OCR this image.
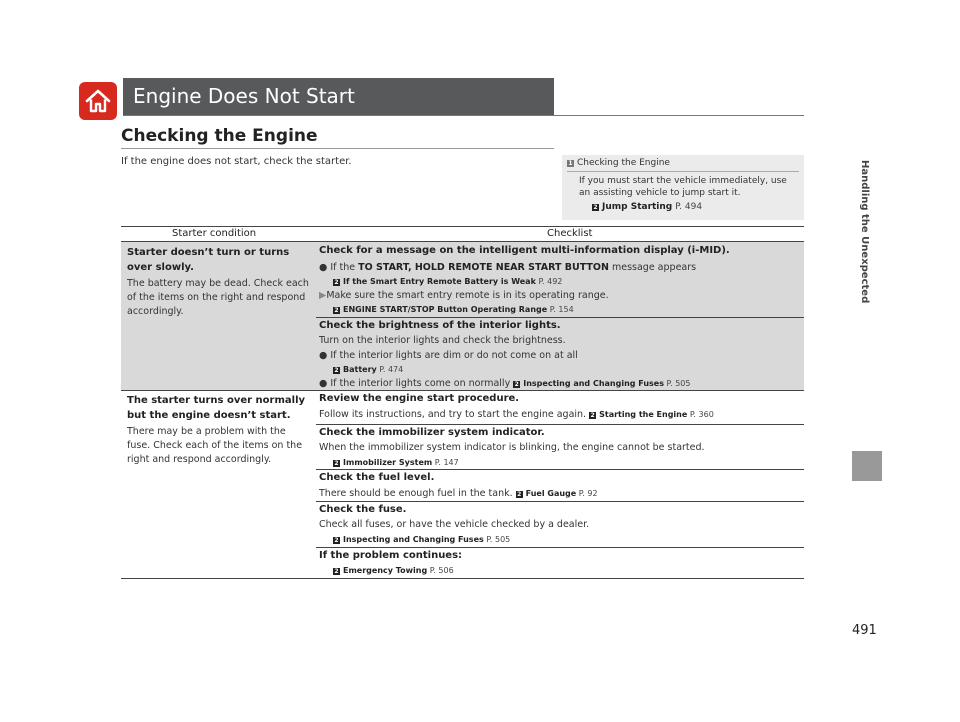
Engine Does Not Start
Checking the Engine
If the engine does not start, check the starter.	1 Checking the Engine
If you must start the vehicle immediately, use an assisting vehicle to jump start it.
2 Jump Starting P. 494
Starter condition	Checklist
Starter doesn’t turn or turns over slowly.
The battery may be dead. Check each of the items on the right and respond accordingly.
Check for a message on the intelligent multi-information display (i-MID).
● If the TO START, HOLD REMOTE NEAR START BUTTON message appears
2 If the Smart Entry Remote Battery is Weak P. 492
▶Make sure the smart entry remote is in its operating range.
2 ENGINE START/STOP Button Operating Range P. 154
Check the brightness of the interior lights.
Turn on the interior lights and check the brightness.
● If the interior lights are dim or do not come on at all
2 Battery P. 474
● If the interior lights come on normally 2 Inspecting and Changing Fuses P. 505
The starter turns over normally but the engine doesn’t start.
There may be a problem with the fuse. Check each of the items on the right and respond accordingly.
Review the engine start procedure.
Follow its instructions, and try to start the engine again. 2 Starting the Engine P. 360
Check the immobilizer system indicator.
When the immobilizer system indicator is blinking, the engine cannot be started.
2 Immobilizer System P. 147
Check the fuel level.
There should be enough fuel in the tank. 2 Fuel Gauge P. 92
Check the fuse.
Check all fuses, or have the vehicle checked by a dealer.
2 Inspecting and Changing Fuses P. 505
If the problem continues:
2 Emergency Towing P. 506
Handling the Unexpected
491
